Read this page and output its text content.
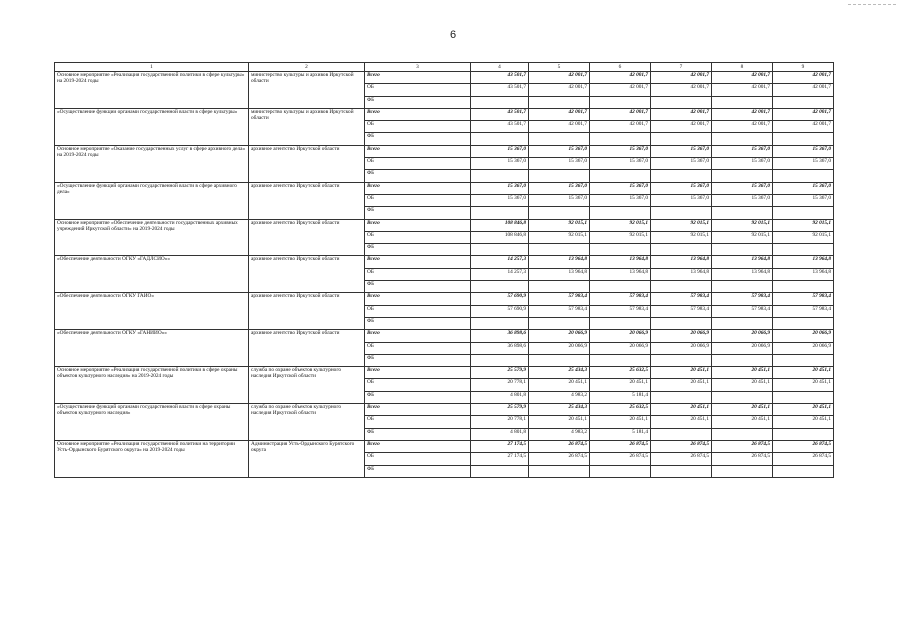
6
1	2	3	4	5	6	7	8	9
Основное мероприятие «Реализация государственной политики в сфере культуры» на 2019-2024 годы	министерство культуры и архивов Иркутской области	Всего	43 501,7	42 001,7	42 001,7	42 001,7	42 001,7	42 001,7
		ОБ	43 501,7	42 001,7	42 001,7	42 001,7	42 001,7	42 001,7
		ФБ						
«Осуществление функции органами государственной власти в сфере культуры»	министерство культуры и архивов Иркутской области	Всего	43 501,7	42 001,7	42 001,7	42 001,7	42 001,7	42 001,7
		ОБ	43 501,7	42 001,7	42 001,7	42 001,7	42 001,7	42 001,7
		ФБ						
Основное мероприятие «Оказание государственных услуг в сфере архивного дела» на 2019-2024 годы	архивное агентство Иркутской области	Всего	15 367,0	15 367,0	15 367,0	15 367,0	15 367,0	15 367,0
		ОБ	15 367,0	15 367,0	15 367,0	15 367,0	15 367,0	15 367,0
		ФБ						
«Осуществление функций органами государственной власти в сфере архивного дела»	архивное агентство Иркутской области	Всего	15 367,0	15 367,0	15 367,0	15 367,0	15 367,0	15 367,0
		ОБ	15 367,0	15 367,0	15 367,0	15 367,0	15 367,0	15 367,0
		ФБ						
Основное мероприятие «Обеспечение деятельности государственных архивных учреждений Иркутской области» на 2019-2024 годы	архивное агентство Иркутской области	Всего	108 846,8	92 015,1	92 015,1	92 015,1	92 015,1	92 015,1
		ОБ	108 846,8	92 015,1	92 015,1	92 015,1	92 015,1	92 015,1
		ФБ						
«Обеспечение деятельности ОГКУ «ГАДЛСИО»»	архивное агентство Иркутской области	Всего	14 257,3	13 964,8	13 964,8	13 964,8	13 964,8	13 964,8
		ОБ	14 257,3	13 964,8	13 964,8	13 964,8	13 964,8	13 964,8
		ФБ						
«Обеспечение деятельности ОГКУ ГАИО»	архивное агентство Иркутской области	Всего	57 690,9	57 983,4	57 983,4	57 983,4	57 983,4	57 983,4
		ОБ	57 690,9	57 983,4	57 983,4	57 983,4	57 983,4	57 983,4
		ФБ						
«Обеспечение деятельности ОГКУ «ГАНИИО»»	архивное агентство Иркутской области	Всего	36 898,6	20 066,9	20 066,9	20 066,9	20 066,9	20 066,9
		ОБ	36 898,6	20 066,9	20 066,9	20 066,9	20 066,9	20 066,9
		ФБ						
Основное мероприятие «Реализация государственной политики в сфере охраны объектов культурного наследия» на 2019-2024 годы	служба по охране объектов культурного наследия Иркутской области	Всего	25 579,9	25 434,3	25 632,5	20 451,1	20 451,1	20 451,1
		ОБ	20 778,1	20 451,1	20 451,1	20 451,1	20 451,1	20 451,1
		ФБ	4 801,8	4 983,2	5 181,4			
«Осуществление функций органами государственной власти в сфере охраны объектов культурного наследия»	служба по охране объектов культурного наследия Иркутской области	Всего	25 579,9	25 434,3	25 632,5	20 451,1	20 451,1	20 451,1
		ОБ	20 778,1	20 451,1	20 451,1	20 451,1	20 451,1	20 451,1
		ФБ	4 801,8	4 983,2	5 181,4			
Основное мероприятие «Реализация государственной политики на территории Усть-Ордынского Бурятского округа» на 2019-2024 годы	Администрация Усть-Ордынского Бурятского округа	Всего	27 174,5	26 874,5	26 874,5	26 874,5	26 874,5	26 874,5
		ОБ	27 174,5	26 874,5	26 874,5	26 874,5	26 874,5	26 874,5
		ФБ						
